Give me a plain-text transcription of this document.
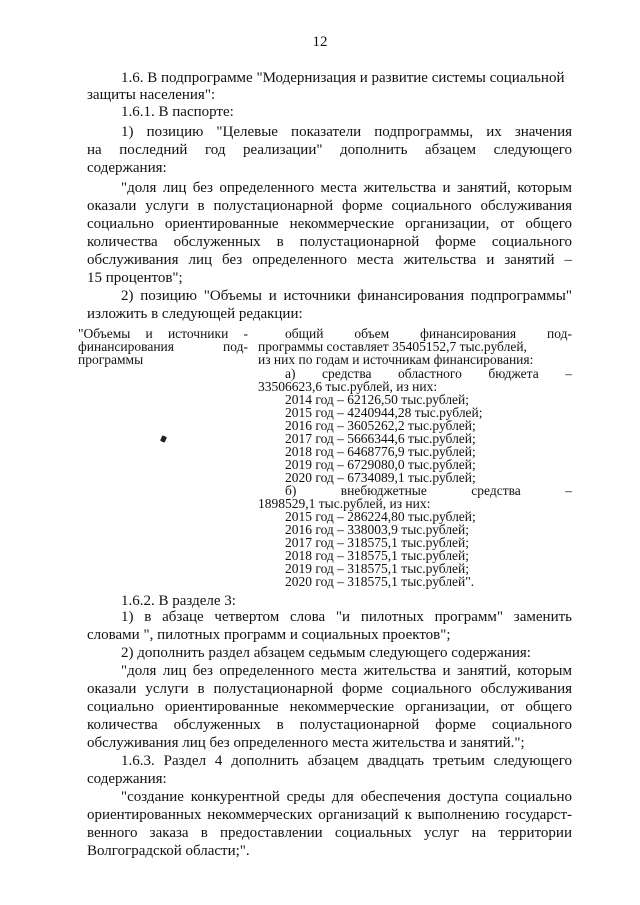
12
1.6. В подпрограмме "Модернизация и развитие системы социальной
защиты населения":
1.6.1. В паспорте:
1) позицию "Целевые показатели подпрограммы, их значения
на последний год реализации" дополнить абзацем следующего
содержания:
"доля лиц без определенного места жительства и занятий, которым
оказали услуги в полустационарной форме социального обслуживания
социально ориентированные некоммерческие организации, от общего
количества обслуженных в полустационарной форме социального
обслуживания лиц без определенного места жительства и занятий –
15 процентов";
2) позицию "Объемы и источники финансирования подпрограммы"
изложить в следующей редакции:
"Объемы и источники -
финансирования под-
программы
общий объем финансирования под-
программы составляет 35405152,7 тыс.рублей,
из них по годам и источникам финансирования:
а) средства областного бюджета –
33506623,6 тыс.рублей, из них:
2014 год – 62126,50 тыс.рублей;
2015 год – 4240944,28 тыс.рублей;
2016 год – 3605262,2 тыс.рублей;
2017 год – 5666344,6 тыс.рублей;
2018 год – 6468776,9 тыс.рублей;
2019 год – 6729080,0 тыс.рублей;
2020 год – 6734089,1 тыс.рублей;
б) внебюджетные средства –
1898529,1 тыс.рублей, из них:
2015 год – 286224,80 тыс.рублей;
2016 год – 338003,9 тыс.рублей;
2017 год – 318575,1 тыс.рублей;
2018 год – 318575,1 тыс.рублей;
2019 год – 318575,1 тыс.рублей;
2020 год – 318575,1 тыс.рублей".
1.6.2. В разделе 3:
1) в абзаце четвертом слова "и пилотных программ" заменить
словами ", пилотных программ и социальных проектов";
2) дополнить раздел абзацем седьмым следующего содержания:
"доля лиц без определенного места жительства и занятий, которым
оказали услуги в полустационарной форме социального обслуживания
социально ориентированные некоммерческие организации, от общего
количества обслуженных в полустационарной форме социального
обслуживания лиц без определенного места жительства и занятий.";
1.6.3. Раздел 4 дополнить абзацем двадцать третьим следующего
содержания:
"создание конкурентной среды для обеспечения доступа социально
ориентированных некоммерческих организаций к выполнению государст-
венного заказа в предоставлении социальных услуг на территории
Волгоградской области;".
